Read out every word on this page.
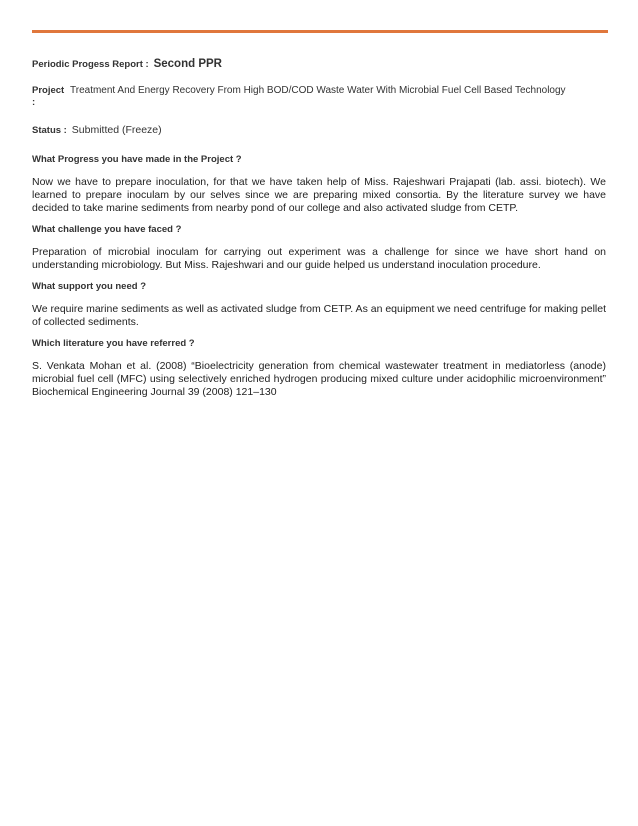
Periodic Progess Report : Second PPR
Project
:
Treatment And Energy Recovery From High BOD/COD Waste Water With Microbial Fuel Cell Based Technology
Status : Submitted (Freeze)
What Progress you have made in the Project ?

Now we have to prepare inoculation, for that we have taken help of Miss. Rajeshwari Prajapati (lab. assi. biotech). We learned to prepare inoculam by our selves since we are preparing mixed consortia. By the literature survey we have decided to take marine sediments from nearby pond of our college and also activated sludge from CETP.

What challenge you have faced ?

Preparation of microbial inoculam for carrying out experiment was a challenge for since we have short hand on understanding microbiology. But Miss. Rajeshwari and our guide helped us understand inoculation procedure.

What support you need ?

We require marine sediments as well as activated sludge from CETP. As an equipment we need centrifuge for making pellet of collected sediments.

Which literature you have referred ?

S. Venkata Mohan et al. (2008) “Bioelectricity generation from chemical wastewater treatment in mediatorless (anode) microbial fuel cell (MFC) using selectively enriched hydrogen producing mixed culture under acidophilic microenvironment” Biochemical Engineering Journal 39 (2008) 121–130
